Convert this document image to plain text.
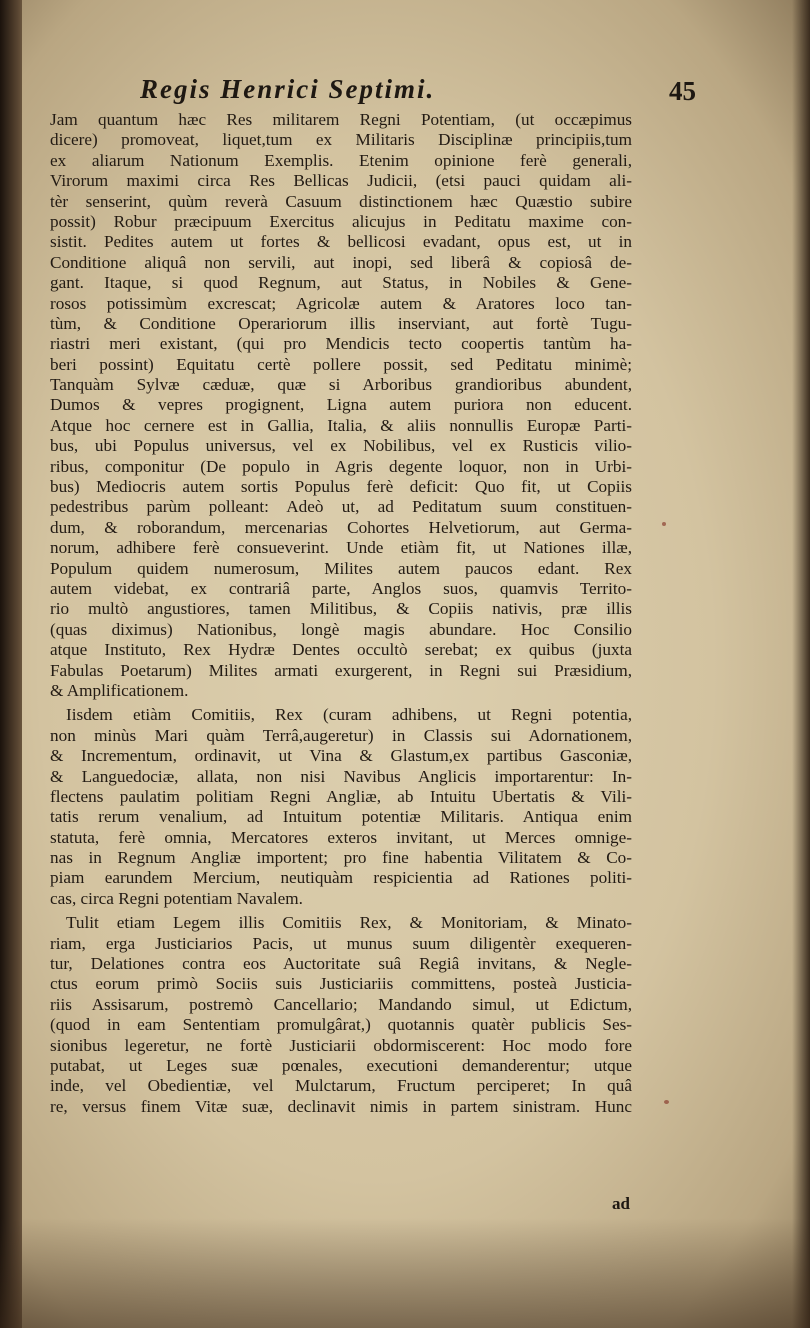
Regis Henrici Septimi.	45
Jam quantum hæc Res militarem Regni Potentiam, (ut occæpimus
dicere) promoveat, liquet,tum ex Militaris Disciplinæ principiis,tum
ex aliarum Nationum Exemplis. Etenim opinione ferè generali,
Virorum maximi circa Res Bellicas Judicii, (etsi pauci quidam ali-
tèr senserint, quùm reverà Casuum distinctionem hæc Quæstio subire
possit) Robur præcipuum Exercitus alicujus in Peditatu maxime con-
sistit. Pedites autem ut fortes & bellicosi evadant, opus est, ut in
Conditione aliquâ non servili, aut inopi, sed liberâ & copiosâ de-
gant. Itaque, si quod Regnum, aut Status, in Nobiles & Gene-
rosos potissimùm excrescat; Agricolæ autem & Aratores loco tan-
tùm, & Conditione Operariorum illis inserviant, aut fortè Tugu-
riastri meri existant, (qui pro Mendicis tecto coopertis tantùm ha-
beri possint) Equitatu certè pollere possit, sed Peditatu minimè;
Tanquàm Sylvæ cæduæ, quæ si Arboribus grandioribus abundent,
Dumos & vepres progignent, Ligna autem puriora non educent.
Atque hoc cernere est in Gallia, Italia, & aliis nonnullis Europæ Parti-
bus, ubi Populus universus, vel ex Nobilibus, vel ex Rusticis vilio-
ribus, componitur (De populo in Agris degente loquor, non in Urbi-
bus) Mediocris autem sortis Populus ferè deficit: Quo fit, ut Copiis
pedestribus parùm polleant: Adeò ut, ad Peditatum suum constituen-
dum, & roborandum, mercenarias Cohortes Helvetiorum, aut Germa-
norum, adhibere ferè consueverint. Unde etiàm fit, ut Nationes illæ,
Populum quidem numerosum, Milites autem paucos edant. Rex
autem videbat, ex contrariâ parte, Anglos suos, quamvis Territo-
rio multò angustiores, tamen Militibus, & Copiis nativis, præ illis
(quas diximus) Nationibus, longè magis abundare. Hoc Consilio
atque Instituto, Rex Hydræ Dentes occultò serebat; ex quibus (juxta
Fabulas Poetarum) Milites armati exurgerent, in Regni sui Præsidium,
& Amplificationem.
Iisdem etiàm Comitiis, Rex (curam adhibens, ut Regni potentia,
non minùs Mari quàm Terrâ,augeretur) in Classis sui Adornationem,
& Incrementum, ordinavit, ut Vina & Glastum,ex partibus Gasconiæ,
& Languedociæ, allata, non nisi Navibus Anglicis importarentur: In-
flectens paulatim politiam Regni Angliæ, ab Intuitu Ubertatis & Vili-
tatis rerum venalium, ad Intuitum potentiæ Militaris. Antiqua enim
statuta, ferè omnia, Mercatores exteros invitant, ut Merces omnige-
nas in Regnum Angliæ importent; pro fine habentia Vilitatem & Co-
piam earundem Mercium, neutiquàm respicientia ad Rationes politi-
cas, circa Regni potentiam Navalem.
Tulit etiam Legem illis Comitiis Rex, & Monitoriam, & Minato-
riam, erga Justiciarios Pacis, ut munus suum diligentèr exequeren-
tur, Delationes contra eos Auctoritate suâ Regiâ invitans, & Negle-
ctus eorum primò Sociis suis Justiciariis committens, posteà Justicia-
riis Assisarum, postremò Cancellario; Mandando simul, ut Edictum,
(quod in eam Sententiam promulgârat,) quotannis quatèr publicis Ses-
sionibus legeretur, ne fortè Justiciarii obdormiscerent: Hoc modo fore
putabat, ut Leges suæ pœnales, executioni demanderentur; utque
inde, vel Obedientiæ, vel Mulctarum, Fructum perciperet; In quâ
re, versus finem Vitæ suæ, declinavit nimis in partem sinistram. Hunc
ad
